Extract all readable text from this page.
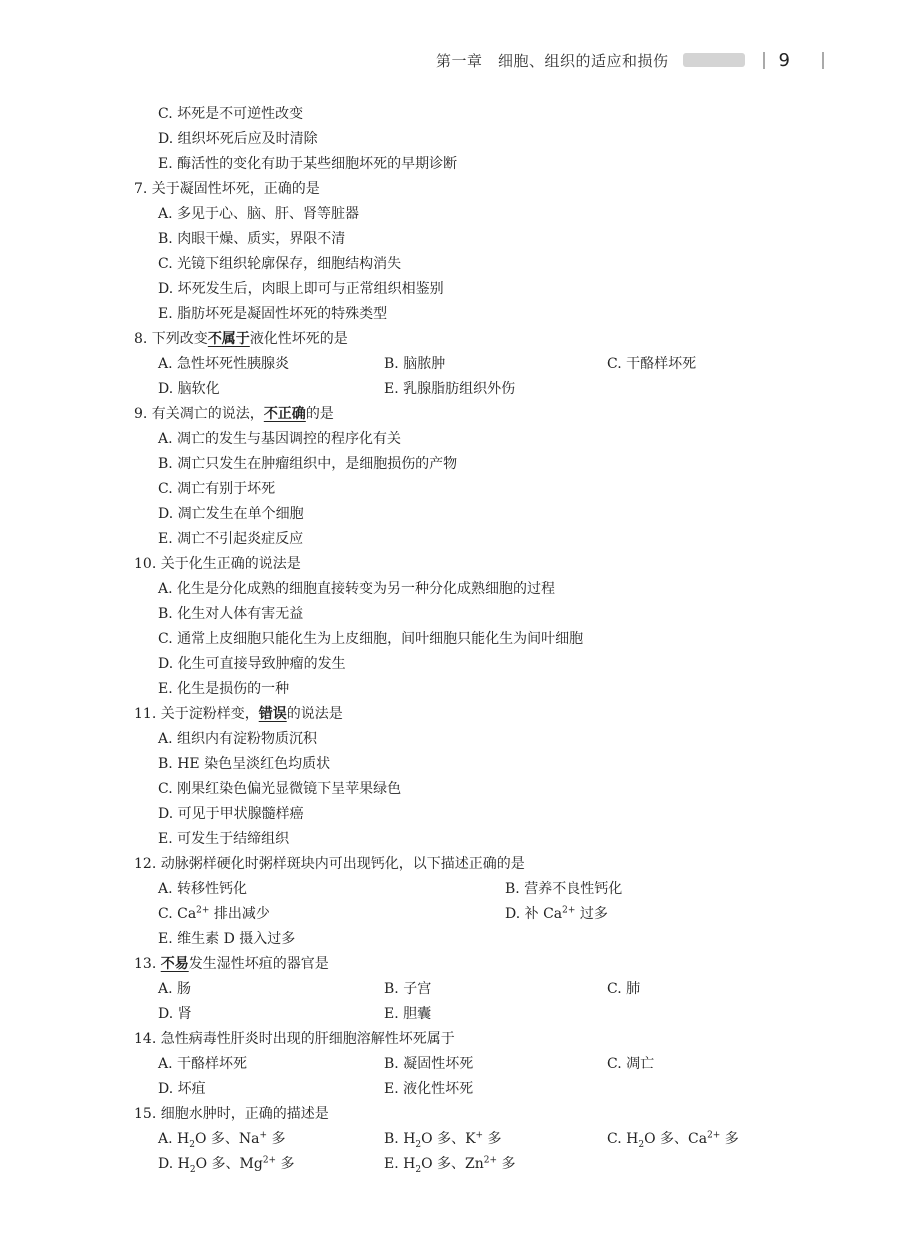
第一章　细胞、组织的适应和损伤	9
C. 坏死是不可逆性改变
D. 组织坏死后应及时清除
E. 酶活性的变化有助于某些细胞坏死的早期诊断
7. 关于凝固性坏死，正确的是
A. 多见于心、脑、肝、肾等脏器
B. 肉眼干燥、质实，界限不清
C. 光镜下组织轮廓保存，细胞结构消失
D. 坏死发生后，肉眼上即可与正常组织相鉴别
E. 脂肪坏死是凝固性坏死的特殊类型
8. 下列改变不属于液化性坏死的是
A. 急性坏死性胰腺炎	B. 脑脓肿	C. 干酪样坏死
D. 脑软化	E. 乳腺脂肪组织外伤
9. 有关凋亡的说法，不正确的是
A. 凋亡的发生与基因调控的程序化有关
B. 凋亡只发生在肿瘤组织中，是细胞损伤的产物
C. 凋亡有别于坏死
D. 凋亡发生在单个细胞
E. 凋亡不引起炎症反应
10. 关于化生正确的说法是
A. 化生是分化成熟的细胞直接转变为另一种分化成熟细胞的过程
B. 化生对人体有害无益
C. 通常上皮细胞只能化生为上皮细胞，间叶细胞只能化生为间叶细胞
D. 化生可直接导致肿瘤的发生
E. 化生是损伤的一种
11. 关于淀粉样变，错误的说法是
A. 组织内有淀粉物质沉积
B. HE 染色呈淡红色均质状
C. 刚果红染色偏光显微镜下呈苹果绿色
D. 可见于甲状腺髓样癌
E. 可发生于结缔组织
12. 动脉粥样硬化时粥样斑块内可出现钙化，以下描述正确的是
A. 转移性钙化	B. 营养不良性钙化
C. $Ca^{2+}$ 排出减少	D. 补 $Ca^{2+}$ 过多
E. 维生素 D 摄入过多
13. 不易发生湿性坏疽的器官是
A. 肠	B. 子宫	C. 肺
D. 肾	E. 胆囊
14. 急性病毒性肝炎时出现的肝细胞溶解性坏死属于
A. 干酪样坏死	B. 凝固性坏死	C. 凋亡
D. 坏疽	E. 液化性坏死
15. 细胞水肿时，正确的描述是
A. $H_2O$ 多、Na+ 多	B. $H_2O$ 多、K+ 多	C. $H_2O$ 多、$Ca^{2+}$ 多
D. $H_2O$ 多、$Mg^{2+}$ 多	E. $H_2O$ 多、$Zn^{2+}$ 多
